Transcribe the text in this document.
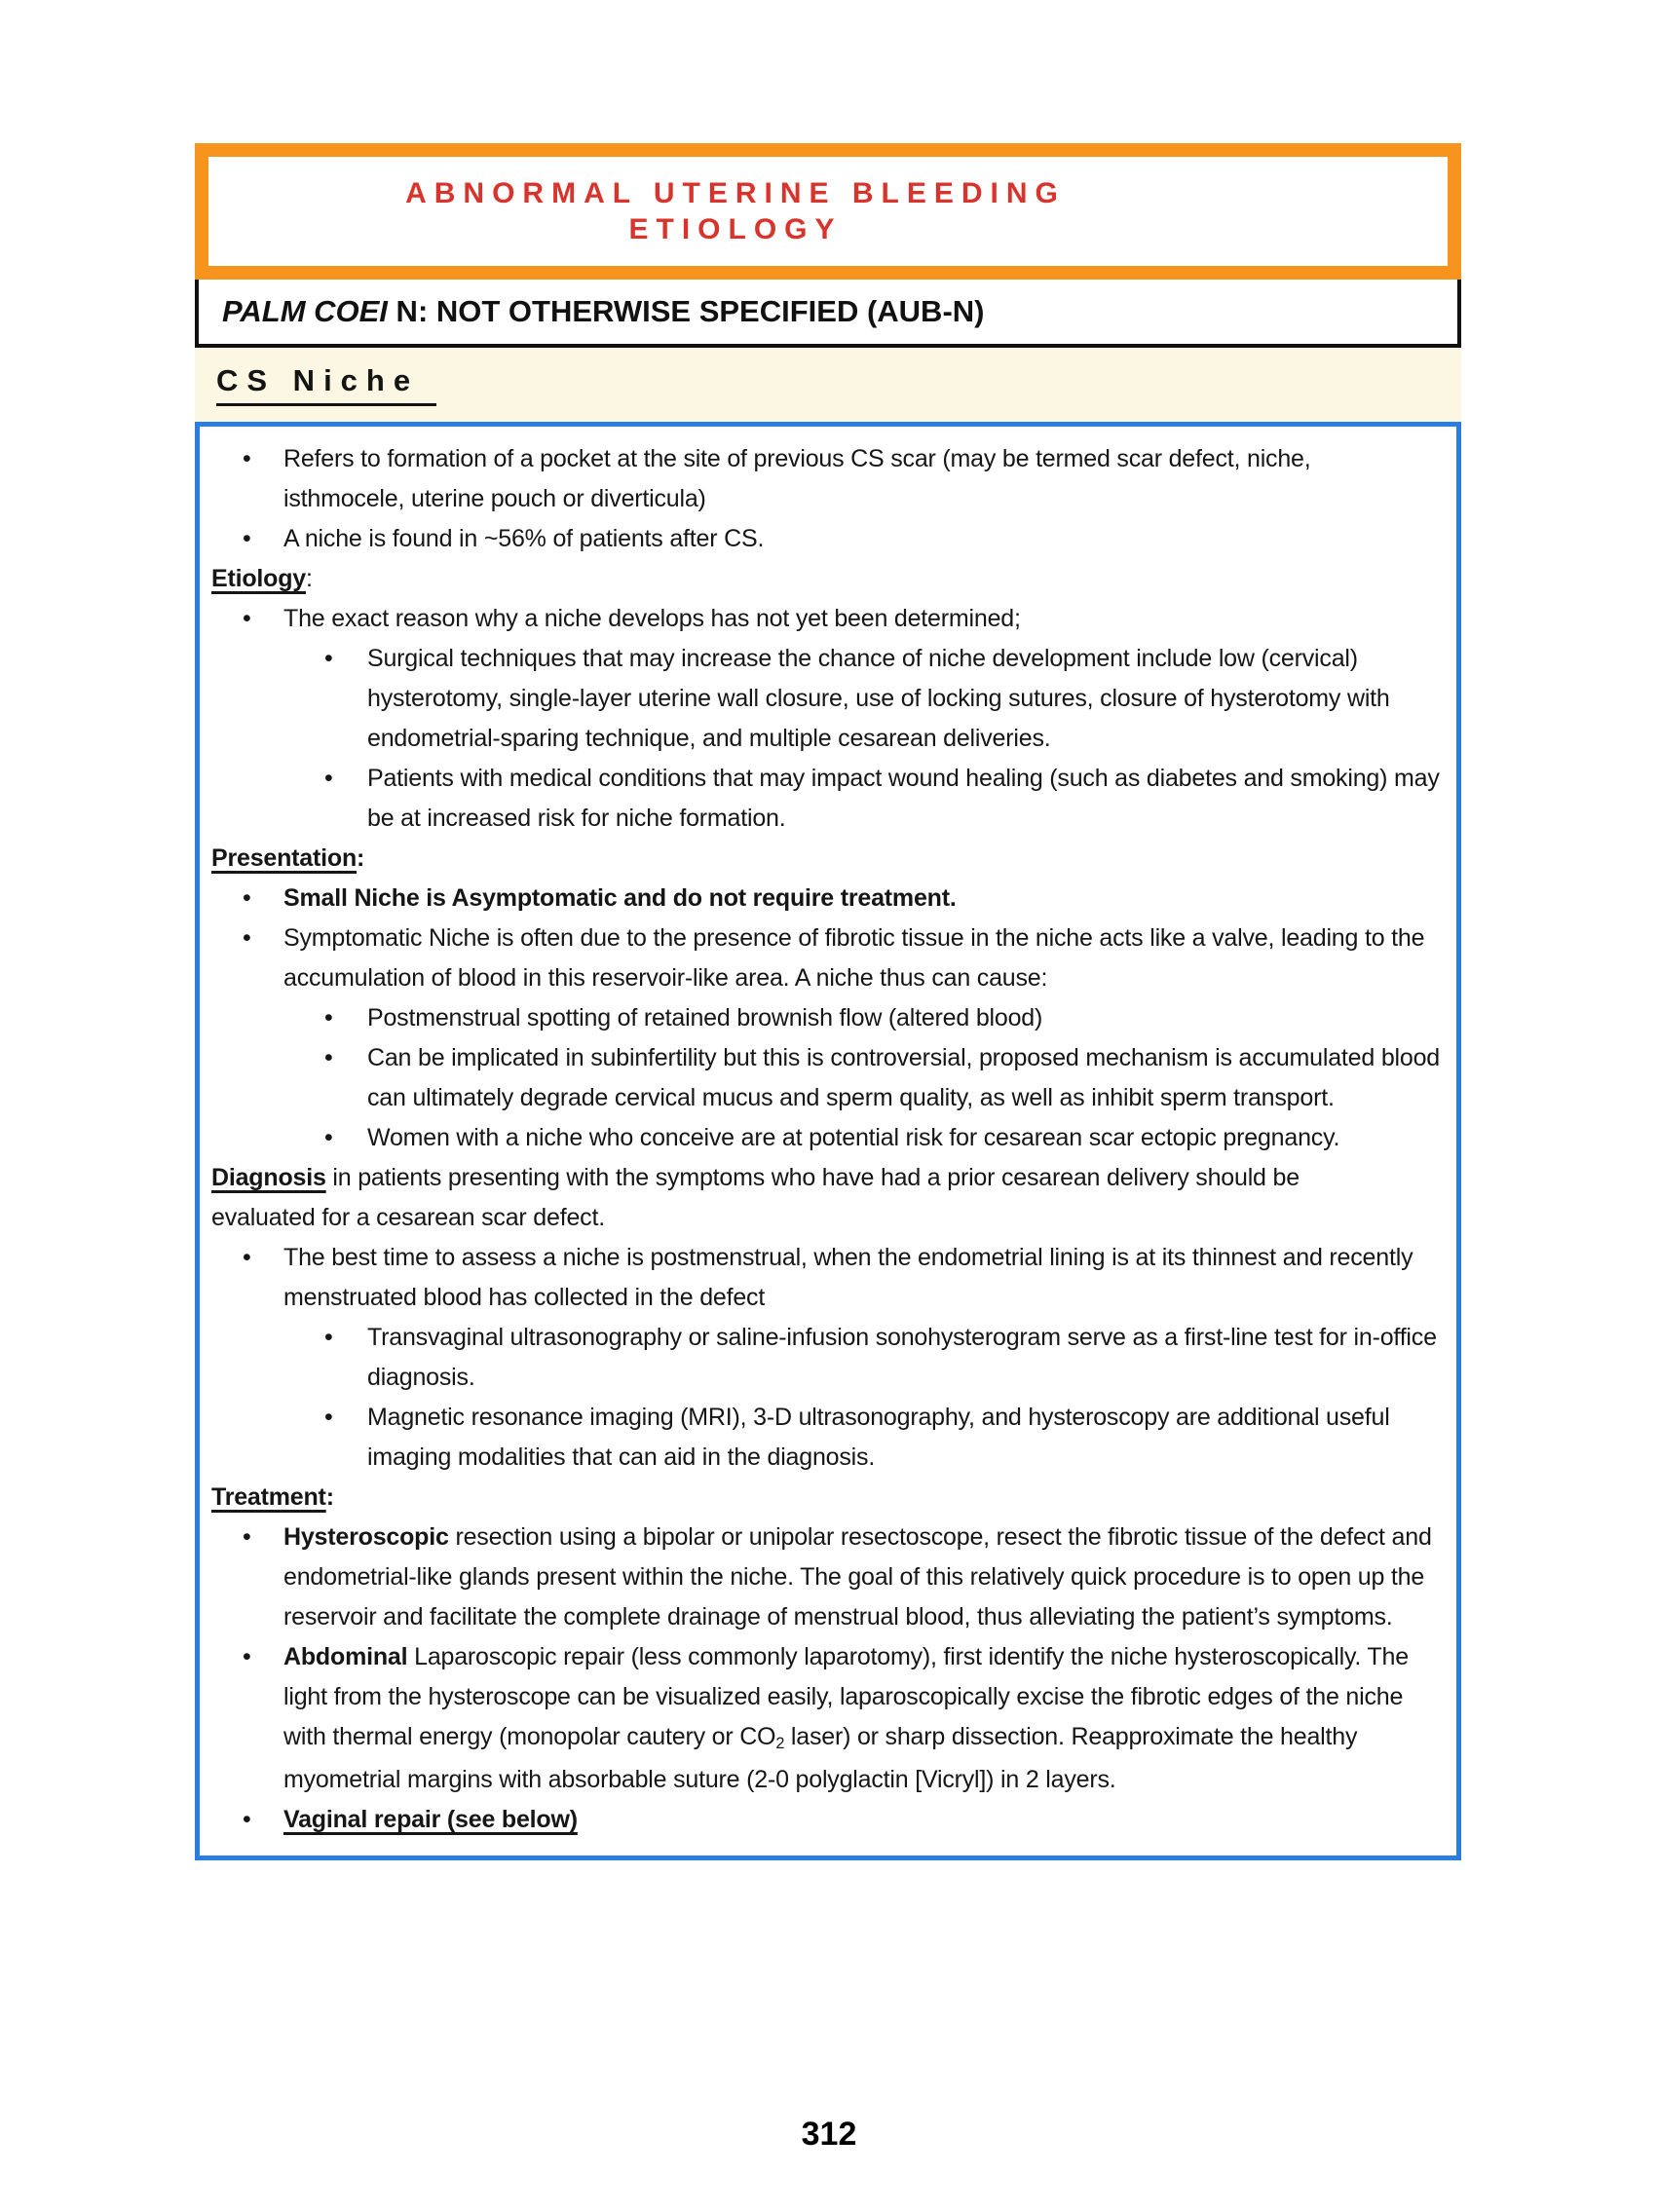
ABNORMAL UTERINE BLEEDING
ETIOLOGY
PALM COEI N: NOT OTHERWISE SPECIFIED (AUB-N)
CS Niche
• Refers to formation of a pocket at the site of previous CS scar (may be termed scar defect, niche, isthmocele, uterine pouch or diverticula)
• A niche is found in ~56% of patients after CS.
Etiology:
• The exact reason why a niche develops has not yet been determined;
• Surgical techniques that may increase the chance of niche development include low (cervical) hysterotomy, single-layer uterine wall closure, use of locking sutures, closure of hysterotomy with endometrial-sparing technique, and multiple cesarean deliveries.
• Patients with medical conditions that may impact wound healing (such as diabetes and smoking) may be at increased risk for niche formation.
Presentation:
• Small Niche is Asymptomatic and do not require treatment.
• Symptomatic Niche is often due to the presence of fibrotic tissue in the niche acts like a valve, leading to the accumulation of blood in this reservoir-like area. A niche thus can cause:
• Postmenstrual spotting of retained brownish flow (altered blood)
• Can be implicated in subinfertility but this is controversial, proposed mechanism is accumulated blood can ultimately degrade cervical mucus and sperm quality, as well as inhibit sperm transport.
• Women with a niche who conceive are at potential risk for cesarean scar ectopic pregnancy.
Diagnosis in patients presenting with the symptoms who have had a prior cesarean delivery should be evaluated for a cesarean scar defect.
• The best time to assess a niche is postmenstrual, when the endometrial lining is at its thinnest and recently menstruated blood has collected in the defect
• Transvaginal ultrasonography or saline-infusion sonohysterogram serve as a first-line test for in-office diagnosis.
• Magnetic resonance imaging (MRI), 3-D ultrasonography, and hysteroscopy are additional useful imaging modalities that can aid in the diagnosis.
Treatment:
• Hysteroscopic resection using a bipolar or unipolar resectoscope, resect the fibrotic tissue of the defect and endometrial-like glands present within the niche. The goal of this relatively quick procedure is to open up the reservoir and facilitate the complete drainage of menstrual blood, thus alleviating the patient’s symptoms.
• Abdominal Laparoscopic repair (less commonly laparotomy), first identify the niche hysteroscopically. The light from the hysteroscope can be visualized easily, laparoscopically excise the fibrotic edges of the niche with thermal energy (monopolar cautery or CO2 laser) or sharp dissection. Reapproximate the healthy myometrial margins with absorbable suture (2-0 polyglactin [Vicryl]) in 2 layers.
• Vaginal repair (see below)
312
